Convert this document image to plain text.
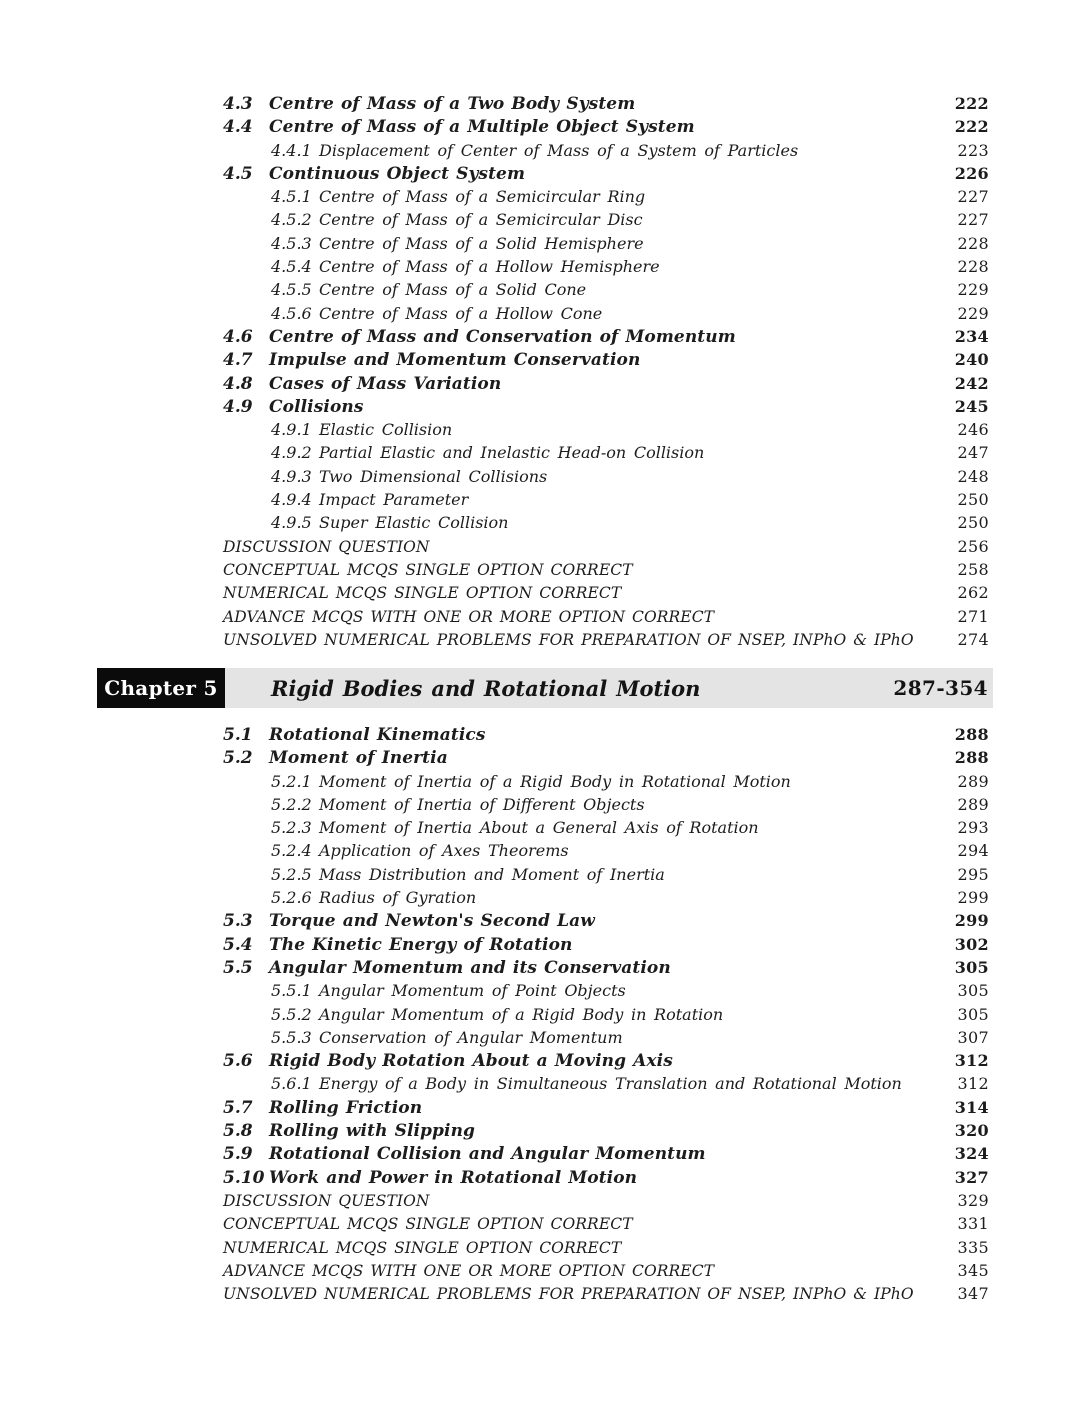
4.3 Centre of Mass of a Two Body System	222
4.4 Centre of Mass of a Multiple Object System	222
4.4.1 Displacement of Center of Mass of a System of Particles	223
4.5 Continuous Object System	226
4.5.1 Centre of Mass of a Semicircular Ring	227
4.5.2 Centre of Mass of a Semicircular Disc	227
4.5.3 Centre of Mass of a Solid Hemisphere	228
4.5.4 Centre of Mass of a Hollow Hemisphere	228
4.5.5 Centre of Mass of a Solid Cone	229
4.5.6 Centre of Mass of a Hollow Cone	229
4.6 Centre of Mass and Conservation of Momentum	234
4.7 Impulse and Momentum Conservation	240
4.8 Cases of Mass Variation	242
4.9 Collisions	245
4.9.1 Elastic Collision	246
4.9.2 Partial Elastic and Inelastic Head-on Collision	247
4.9.3 Two Dimensional Collisions	248
4.9.4 Impact Parameter	250
4.9.5 Super Elastic Collision	250
DISCUSSION QUESTION	256
CONCEPTUAL MCQS SINGLE OPTION CORRECT	258
NUMERICAL MCQS SINGLE OPTION CORRECT	262
ADVANCE MCQS WITH ONE OR MORE OPTION CORRECT	271
UNSOLVED NUMERICAL PROBLEMS FOR PREPARATION OF NSEP, INPhO & IPhO	274
Chapter 5	Rigid Bodies and Rotational Motion	287-354
5.1 Rotational Kinematics	288
5.2 Moment of Inertia	288
5.2.1 Moment of Inertia of a Rigid Body in Rotational Motion	289
5.2.2 Moment of Inertia of Different Objects	289
5.2.3 Moment of Inertia About a General Axis of Rotation	293
5.2.4 Application of Axes Theorems	294
5.2.5 Mass Distribution and Moment of Inertia	295
5.2.6 Radius of Gyration	299
5.3 Torque and Newton's Second Law	299
5.4 The Kinetic Energy of Rotation	302
5.5 Angular Momentum and its Conservation	305
5.5.1 Angular Momentum of Point Objects	305
5.5.2 Angular Momentum of a Rigid Body in Rotation	305
5.5.3 Conservation of Angular Momentum	307
5.6 Rigid Body Rotation About a Moving Axis	312
5.6.1 Energy of a Body in Simultaneous Translation and Rotational Motion	312
5.7 Rolling Friction	314
5.8 Rolling with Slipping	320
5.9 Rotational Collision and Angular Momentum	324
5.10 Work and Power in Rotational Motion	327
DISCUSSION QUESTION	329
CONCEPTUAL MCQS SINGLE OPTION CORRECT	331
NUMERICAL MCQS SINGLE OPTION CORRECT	335
ADVANCE MCQS WITH ONE OR MORE OPTION CORRECT	345
UNSOLVED NUMERICAL PROBLEMS FOR PREPARATION OF NSEP, INPhO & IPhO	347
